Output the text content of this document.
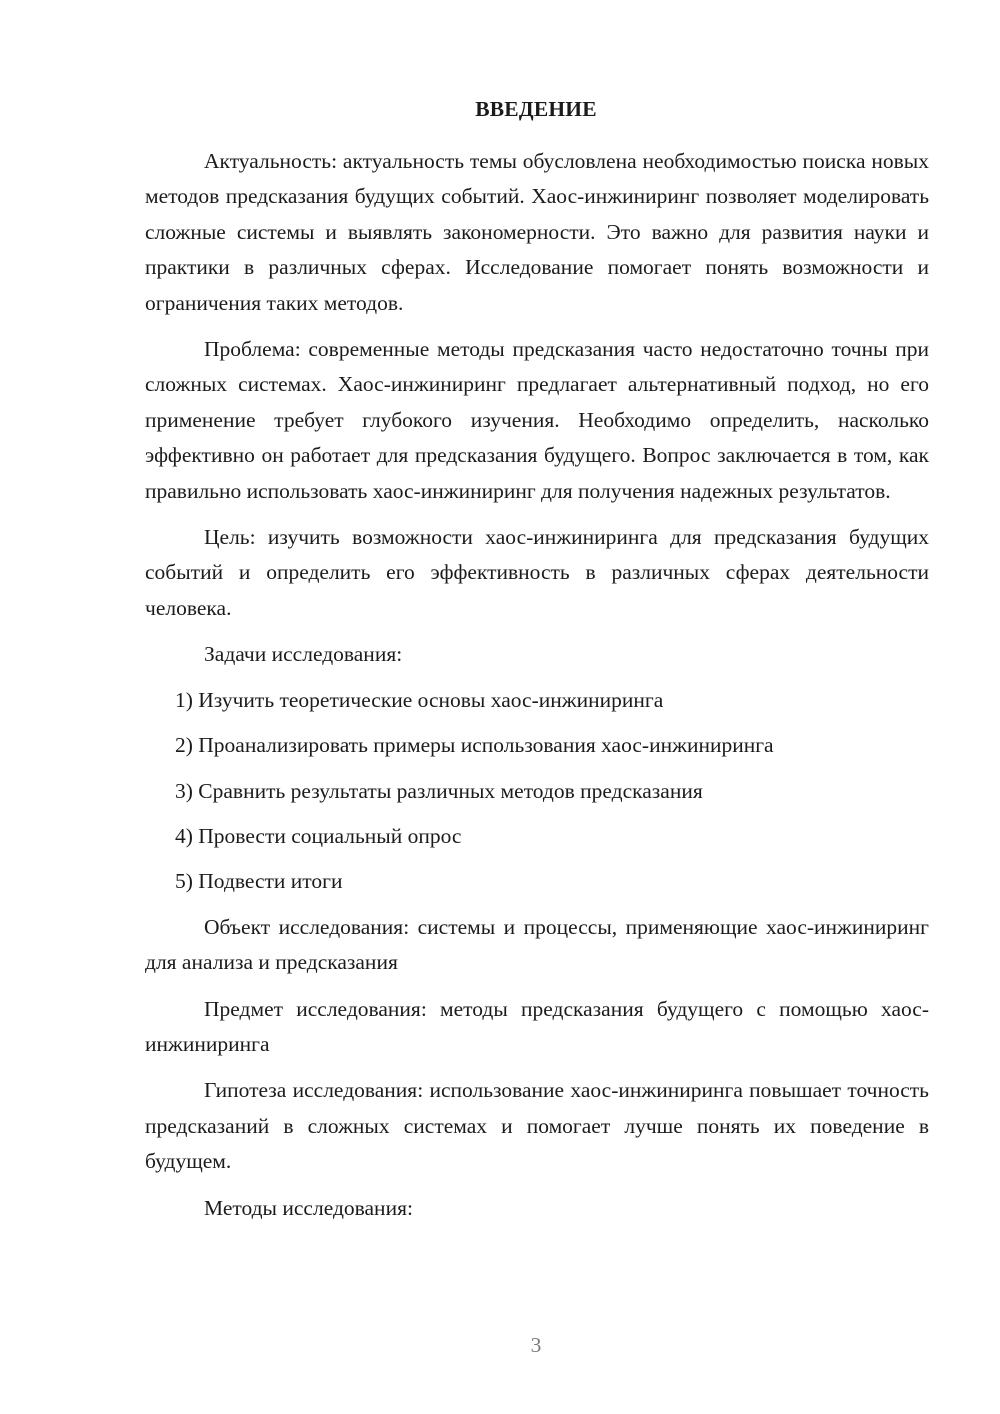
ВВЕДЕНИЕ

Актуальность: актуальность темы обусловлена необходимостью поиска новых методов предсказания будущих событий. Хаос-инжиниринг позволяет моделировать сложные системы и выявлять закономерности. Это важно для развития науки и практики в различных сферах. Исследование помогает понять возможности и ограничения таких методов.

Проблема: современные методы предсказания часто недостаточно точны при сложных системах. Хаос-инжиниринг предлагает альтернативный подход, но его применение требует глубокого изучения. Необходимо определить, насколько эффективно он работает для предсказания будущего. Вопрос заключается в том, как правильно использовать хаос-инжиниринг для получения надежных результатов.

Цель: изучить возможности хаос-инжиниринга для предсказания будущих событий и определить его эффективность в различных сферах деятельности человека.

Задачи исследования:

1) Изучить теоретические основы хаос-инжиниринга

2) Проанализировать примеры использования хаос-инжиниринга

3) Сравнить результаты различных методов предсказания

4) Провести социальный опрос

5) Подвести итоги

Объект исследования: системы и процессы, применяющие хаос-инжиниринг для анализа и предсказания

Предмет исследования: методы предсказания будущего с помощью хаос-инжиниринга

Гипотеза исследования: использование хаос-инжиниринга повышает точность предсказаний в сложных системах и помогает лучше понять их поведение в будущем.

Методы исследования:

3
